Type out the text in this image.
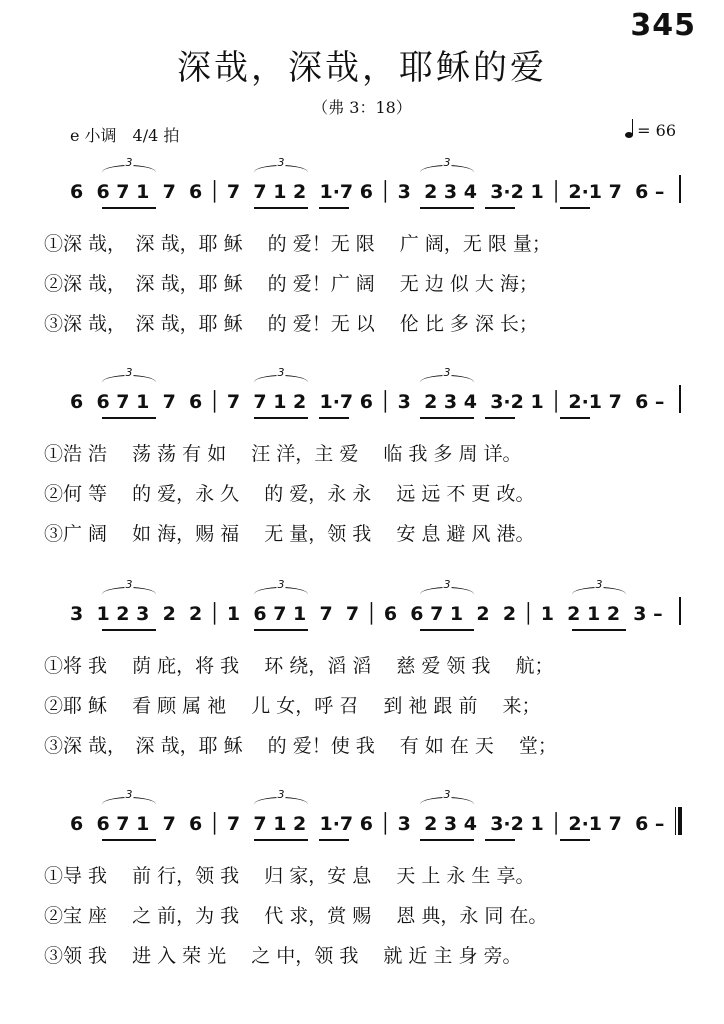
345
深哉，深哉，耶稣的爱
（弗 3：18）
e 小调　4/4 拍	= 66
6  6 7 1  7  6 │ 7  7 1 2  1·7 6 │ 3  2 3 4  3·2 1 │ 2·1 7  6 –
3	3	3
①深 哉，　深 哉，耶 稣　 的 爱！无 限　 广 阔，无 限 量；
②深 哉，　深 哉，耶 稣　 的 爱！广 阔　 无 边 似 大 海；
③深 哉，　深 哉，耶 稣　 的 爱！无 以　 伦 比 多 深 长；
6  6 7 1  7  6 │ 7  7 1 2  1·7 6 │ 3  2 3 4  3·2 1 │ 2·1 7  6 –
3	3	3
①浩 浩　 荡 荡 有 如　 汪 洋，主 爱　 临 我 多 周 详。
②何 等　 的 爱，永 久　 的 爱，永 永　 远 远 不 更 改。
③广 阔　 如 海，赐 福　 无 量，领 我　 安 息 避 风 港。
3  1 2 3  2  2 │ 1  6 7 1  7  7 │ 6  6 7 1  2  2 │ 1  2 1 2  3 –
3	3	3	3
①将 我　 荫 庇，将 我　 环 绕，滔 滔　 慈 爱 领 我　 航；
②耶 稣　 看 顾 属 祂　 儿 女，呼 召　 到 祂 跟 前　 来；
③深 哉，　深 哉，耶 稣　 的 爱！使 我　 有 如 在 天　 堂；
6  6 7 1  7  6 │ 7  7 1 2  1·7 6 │ 3  2 3 4  3·2 1 │ 2·1 7  6 –
3	3	3
①导 我　 前 行，领 我　 归 家，安 息　 天 上 永 生 享。
②宝 座　 之 前，为 我　 代 求，赏 赐　 恩 典，永 同 在。
③领 我　 进 入 荣 光　 之 中，领 我　 就 近 主 身 旁。
